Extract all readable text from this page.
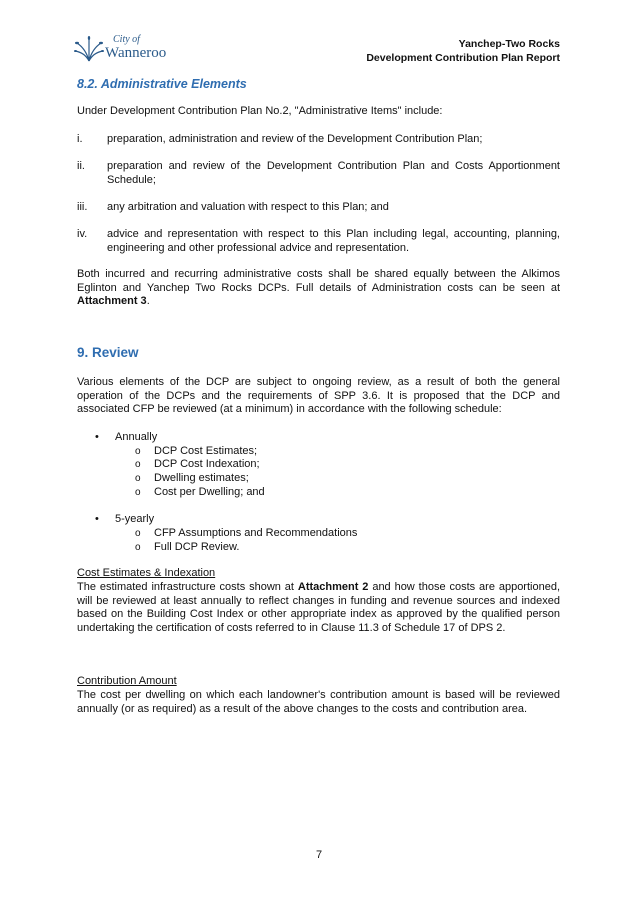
City of
Wanneroo
Yanchep-Two Rocks
Development Contribution Plan Report
8.2. Administrative Elements

Under Development Contribution Plan No.2, "Administrative Items" include:

i.	preparation, administration and review of the Development Contribution Plan;
ii.	preparation and review of the Development Contribution Plan and Costs Apportionment Schedule;
iii.	any arbitration and valuation with respect to this Plan; and
iv.	advice and representation with respect to this Plan including legal, accounting, planning, engineering and other professional advice and representation.

Both incurred and recurring administrative costs shall be shared equally between the Alkimos Eglinton and Yanchep Two Rocks DCPs. Full details of Administration costs can be seen at Attachment 3.

9. Review

Various elements of the DCP are subject to ongoing review, as a result of both the general operation of the DCPs and the requirements of SPP 3.6. It is proposed that the DCP and associated CFP be reviewed (at a minimum) in accordance with the following schedule:

• Annually
o DCP Cost Estimates;
o DCP Cost Indexation;
o Dwelling estimates;
o Cost per Dwelling; and
• 5-yearly
o CFP Assumptions and Recommendations
o Full DCP Review.
Cost Estimates & Indexation

The estimated infrastructure costs shown at Attachment 2 and how those costs are apportioned, will be reviewed at least annually to reflect changes in funding and revenue sources and indexed based on the Building Cost Index or other appropriate index as approved by the qualified person undertaking the certification of costs referred to in Clause 11.3 of Schedule 17 of DPS 2.

Contribution Amount

The cost per dwelling on which each landowner's contribution amount is based will be reviewed annually (or as required) as a result of the above changes to the costs and contribution area.

7
